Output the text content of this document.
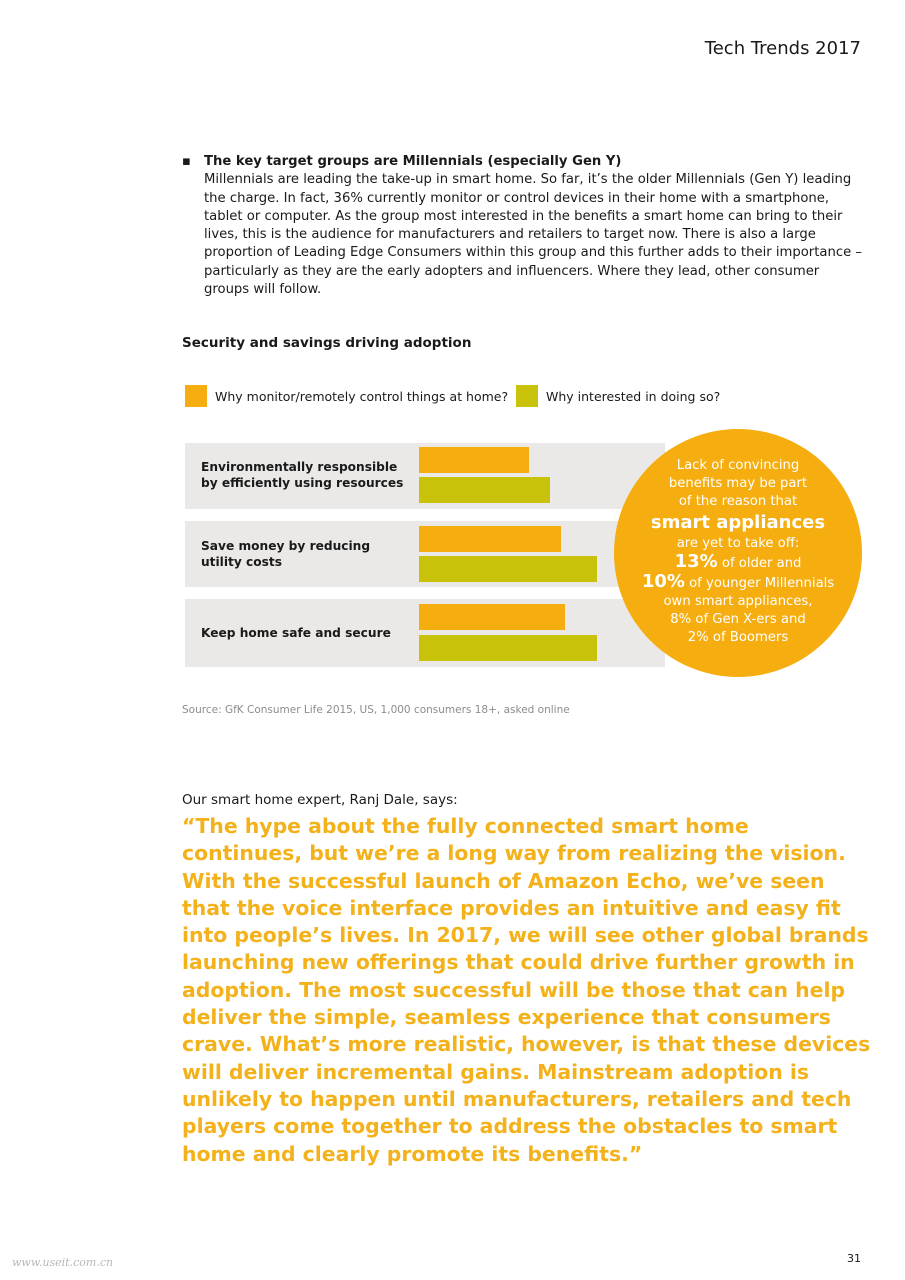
Tech Trends 2017
▪ The key target groups are Millennials (especially Gen Y)
Millennials are leading the take-up in smart home. So far, it’s the older Millennials (Gen Y) leading the charge. In fact, 36% currently monitor or control devices in their home with a smartphone, tablet or computer. As the group most interested in the benefits a smart home can bring to their lives, this is the audience for manufacturers and retailers to target now. There is also a large proportion of Leading Edge Consumers within this group and this further adds to their importance – particularly as they are the early adopters and influencers. Where they lead, other consumer groups will follow.
Security and savings driving adoption
Why monitor/remotely control things at home?	Why interested in doing so?
Environmentally responsible by efficiently using resources
Save money by reducing utility costs
Keep home safe and secure
Lack of convincing
benefits may be part
of the reason that
smart appliances
are yet to take off:
13% of older and
10% of younger Millennials
own smart appliances,
8% of Gen X-ers and
2% of Boomers
Source: GfK Consumer Life 2015, US, 1,000 consumers 18+, asked online
Our smart home expert, Ranj Dale, says:
“The hype about the fully connected smart home continues, but we’re a long way from realizing the vision. With the successful launch of Amazon Echo, we’ve seen that the voice interface provides an intuitive and easy fit into people’s lives. In 2017, we will see other global brands launching new offerings that could drive further growth in adoption. The most successful will be those that can help deliver the simple, seamless experience that consumers crave. What’s more realistic, however, is that these devices will deliver incremental gains. Mainstream adoption is unlikely to happen until manufacturers, retailers and tech players come together to address the obstacles to smart home and clearly promote its benefits.”
31
www.useit.com.cn
